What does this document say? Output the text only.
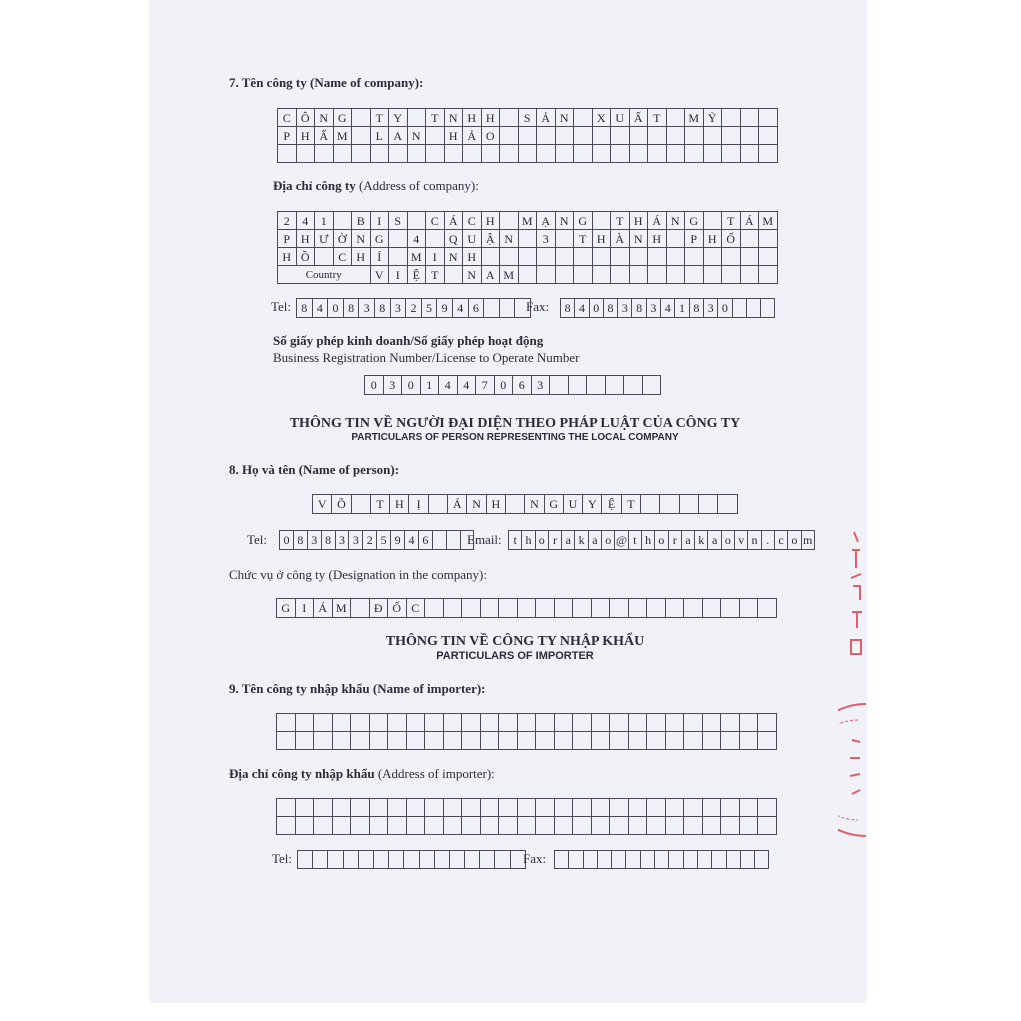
7. Tên công ty (Name of company):
C	Ô	N	G		T	Y		T	N	H	H		S	Ả	N		X	U	Ấ	T		M	Ỹ			
P	H	Ẩ	M		L	A	N		H	Ả	O															

Địa chỉ công ty (Address of company):
2	4	1		B	I	S		C	Á	C	H		M	Ạ	N	G		T	H	Á	N	G		T	Á	M
P	H	Ư	Ờ	N	G		4		Q	U	Ậ	N		3		T	H	À	N	H		P	H	Ố		
H	Ồ		C	H	Í		M	I	N	H																
Country					V	I	Ệ	T		N	A	M														
Tel: 8	4	0	8	3	8	3	2	5	9	4	6				Fax: 8	4	0	8	3	8	3	4	1	8	3	0			
Số giấy phép kinh doanh/Số giấy phép hoạt động
Business Registration Number/License to Operate Number
0	3	0	1	4	4	7	0	6	3						
THÔNG TIN VỀ NGƯỜI ĐẠI DIỆN THEO PHÁP LUẬT CỦA CÔNG TY
PARTICULARS OF PERSON REPRESENTING THE LOCAL COMPANY
8. Họ và tên (Name of person):
V	Õ		T	H	Ị		Á	N	H		N	G	U	Y	Ệ	T					
Tel: 0	8	3	8	3	3	2	5	9	4	6				Email: t	h	o	r	a	k	a	o	@	t	h	o	r	a	k	a	o	v	n	.	c	o	m
Chức vụ ở công ty (Designation in the company):
G	I	Á	M		Đ	Ố	C																			
THÔNG TIN VỀ CÔNG TY NHẬP KHẨU
PARTICULARS OF IMPORTER
9. Tên công ty nhập khẩu (Name of importer):

Địa chỉ công ty nhập khẩu (Address of importer):

Tel:
															Fax:
